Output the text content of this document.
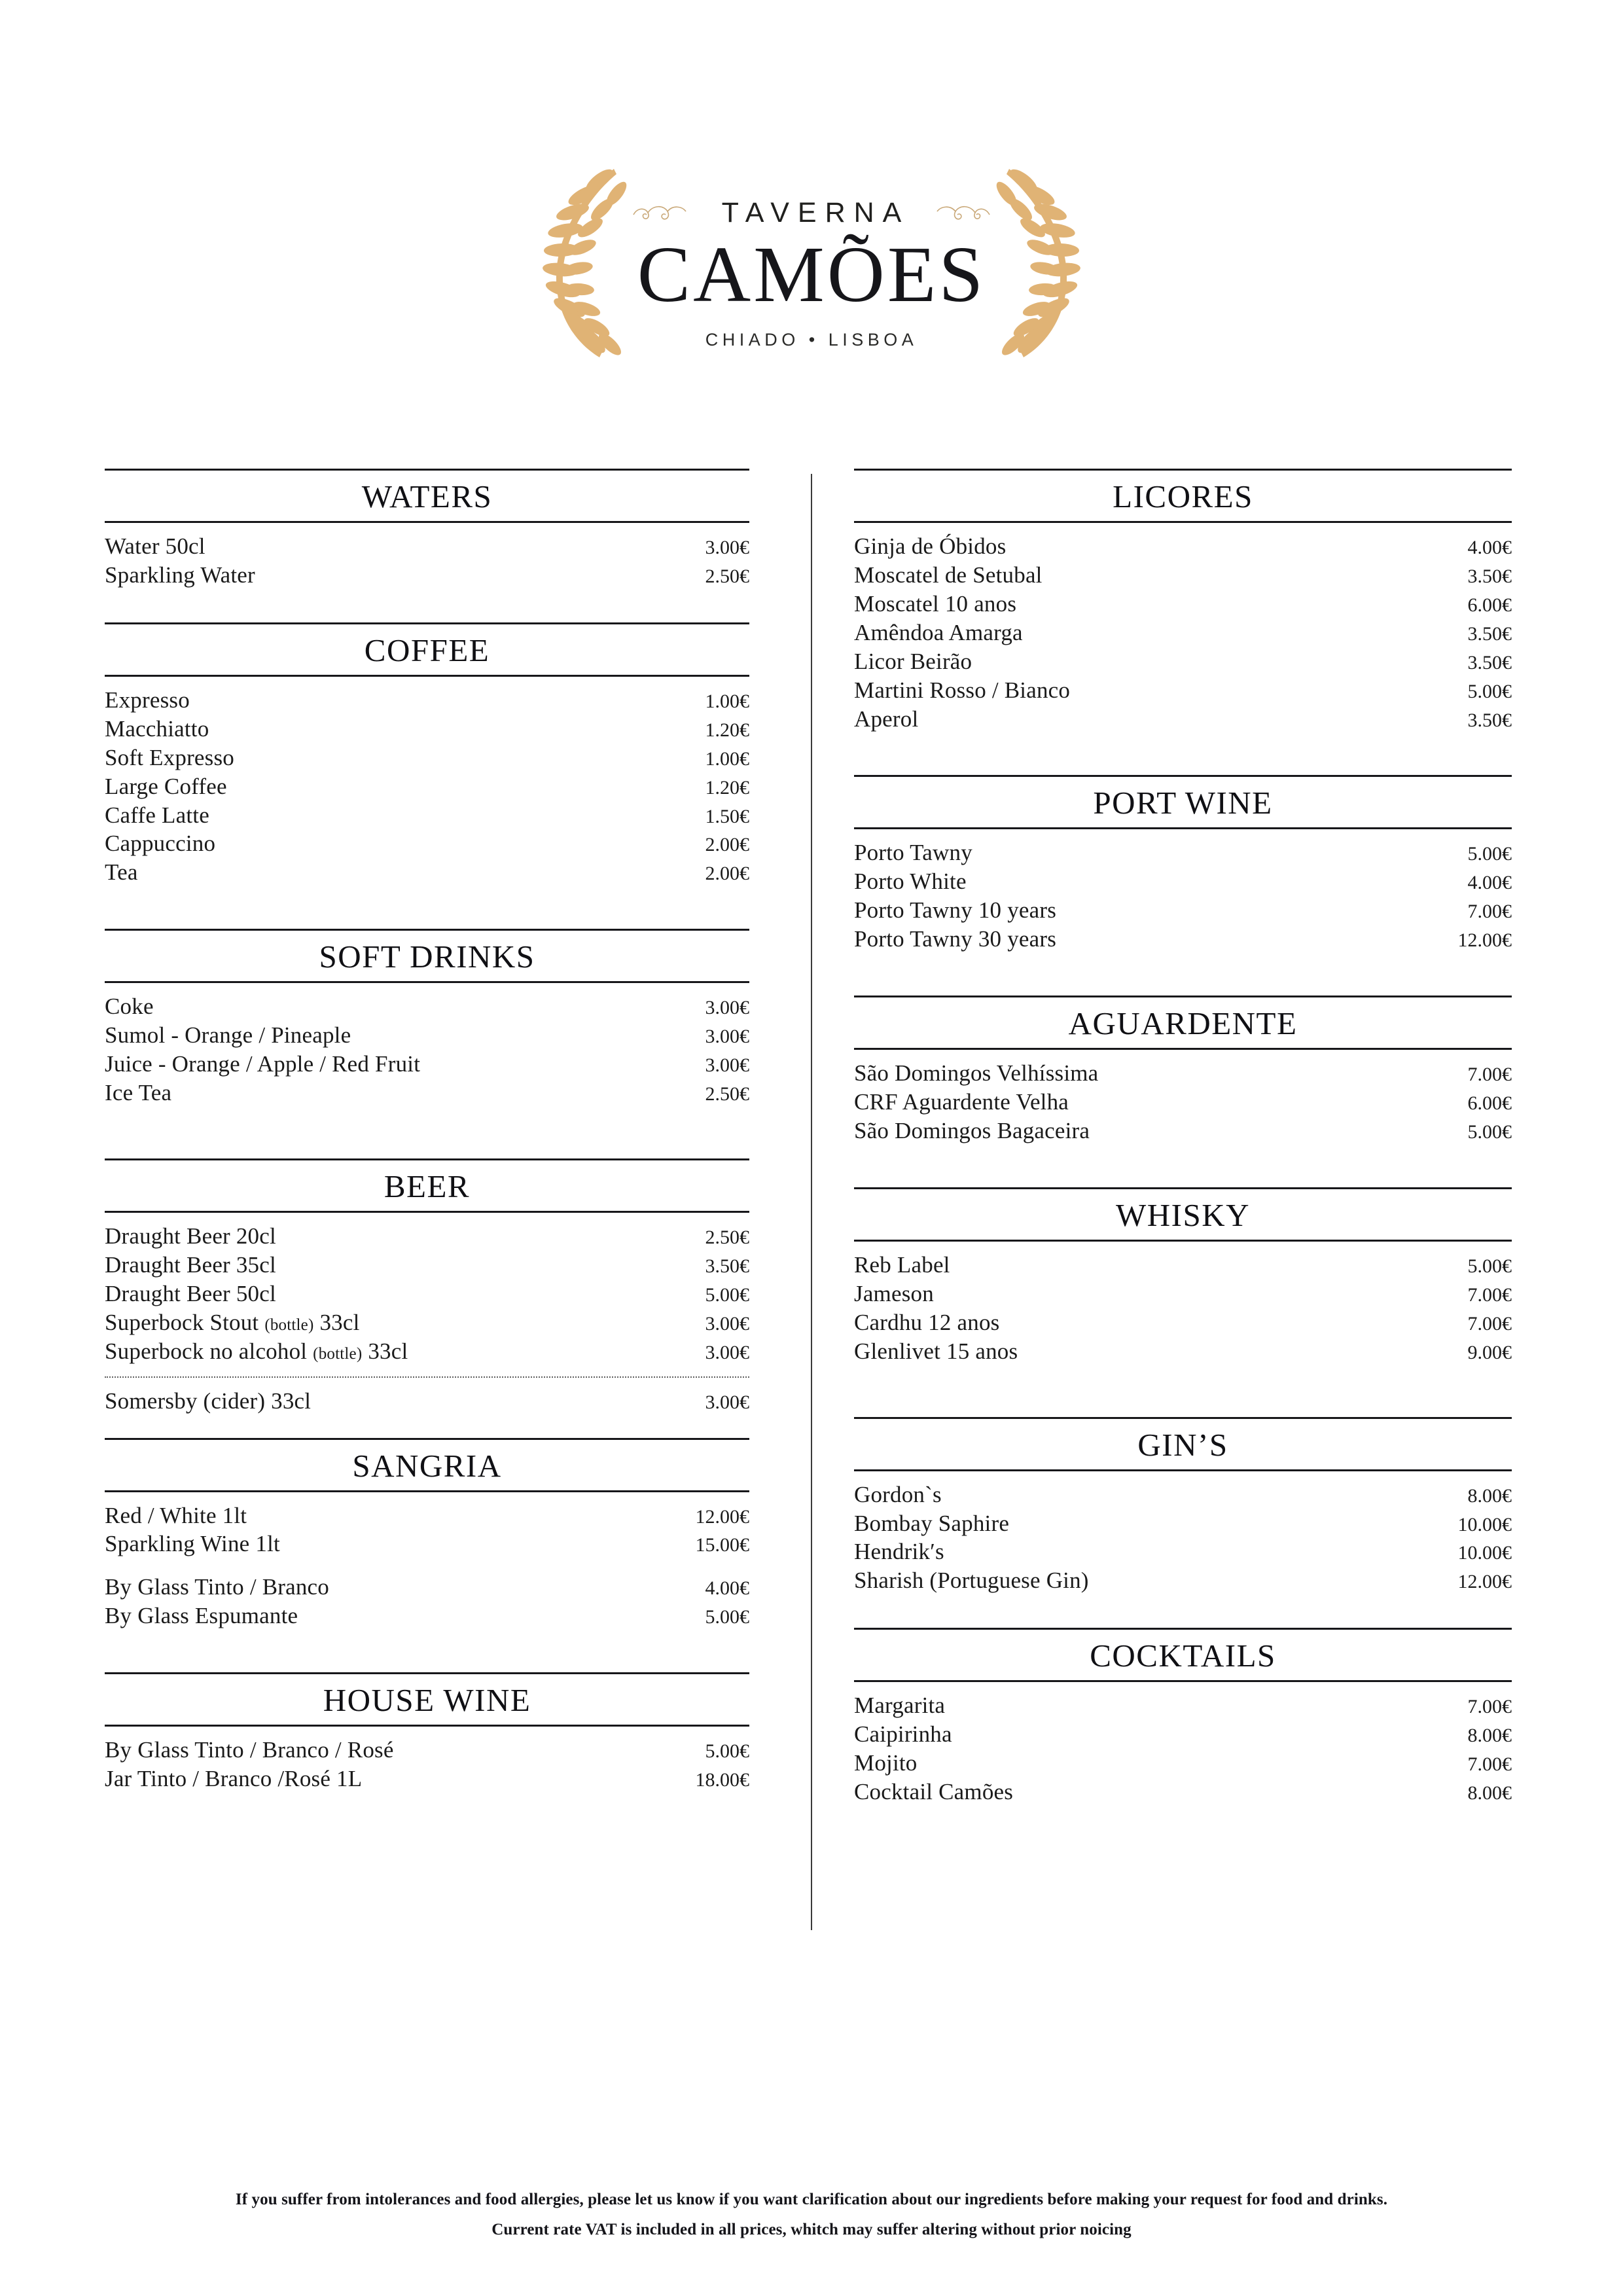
TAVERNA
CAMÕES
CHIADO • LISBOA
WATERS
Water 50cl	3.00€
Sparkling Water	2.50€
COFFEE
Expresso	1.00€
Macchiatto	1.20€
Soft Expresso	1.00€
Large Coffee	1.20€
Caffe Latte	1.50€
Cappuccino	2.00€
Tea	2.00€
SOFT DRINKS
Coke	3.00€
Sumol - Orange / Pineaple	3.00€
Juice - Orange / Apple / Red Fruit	3.00€
Ice Tea	2.50€
BEER
Draught Beer 20cl	2.50€
Draught Beer 35cl	3.50€
Draught Beer 50cl	5.00€
Superbock Stout (bottle) 33cl	3.00€
Superbock no alcohol (bottle) 33cl	3.00€
Somersby (cider) 33cl	3.00€
SANGRIA
Red / White 1lt	12.00€
Sparkling Wine 1lt	15.00€
By Glass Tinto / Branco	4.00€
By Glass Espumante	5.00€
HOUSE WINE
By Glass Tinto / Branco / Rosé	5.00€
Jar Tinto / Branco /Rosé 1L	18.00€
LICORES
Ginja de Óbidos	4.00€
Moscatel de Setubal	3.50€
Moscatel 10 anos	6.00€
Amêndoa Amarga	3.50€
Licor Beirão	3.50€
Martini Rosso / Bianco	5.00€
Aperol	3.50€
PORT WINE
Porto Tawny	5.00€
Porto White	4.00€
Porto Tawny 10 years	7.00€
Porto Tawny 30 years	12.00€
AGUARDENTE
São Domingos Velhíssima	7.00€
CRF Aguardente Velha	6.00€
São Domingos Bagaceira	5.00€
WHISKY
Reb Label	5.00€
Jameson	7.00€
Cardhu 12 anos	7.00€
Glenlivet 15 anos	9.00€
GIN’S
Gordon`s	8.00€
Bombay Saphire	10.00€
Hendrik′s	10.00€
Sharish (Portuguese Gin)	12.00€
COCKTAILS
Margarita	7.00€
Caipirinha	8.00€
Mojito	7.00€
Cocktail Camões	8.00€
If you suffer from intolerances and food allergies, please let us know if you want clarification about our ingredients before making your request for food and drinks.
Current rate VAT is included in all prices, whitch may suffer altering without prior noicing
